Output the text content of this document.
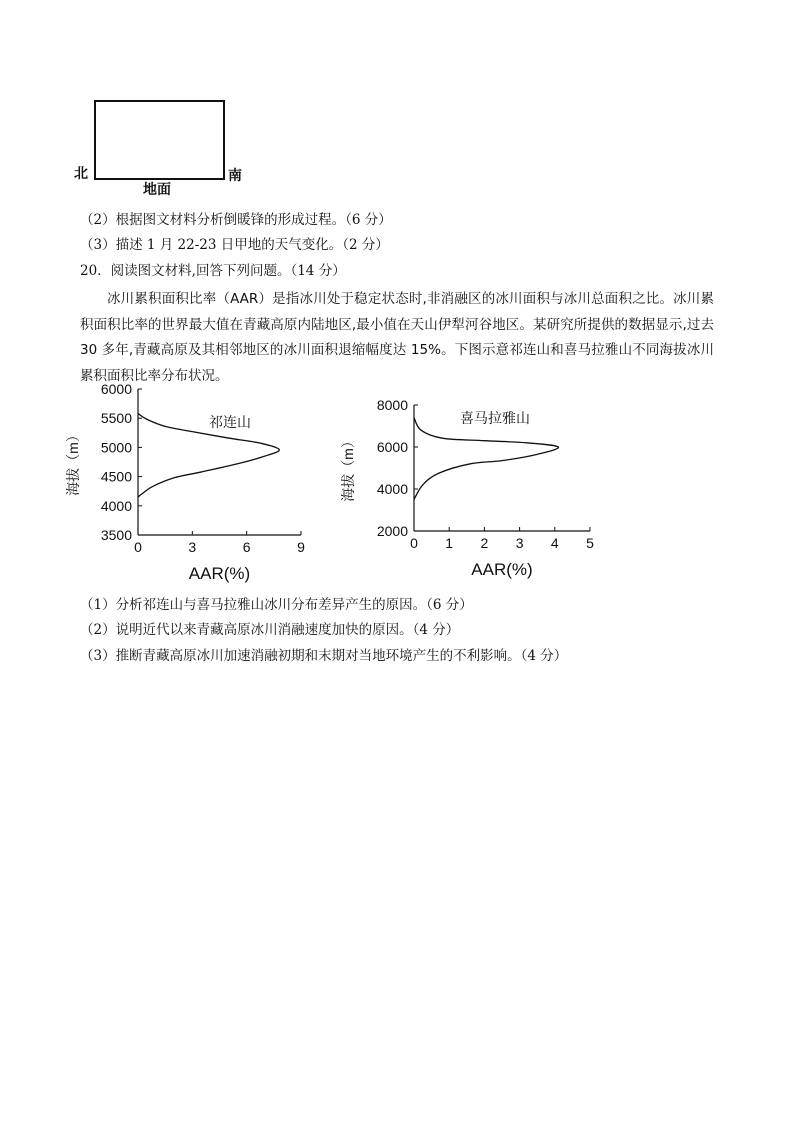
北	南
地面
（2）根据图文材料分析倒暖锋的形成过程。（6 分）
（3）描述 1 月 22-23 日甲地的天气变化。（2 分）
20．阅读图文材料,回答下列问题。（14 分）
冰川累积面积比率（AAR）是指冰川处于稳定状态时,非消融区的冰川面积与冰川总面积之比。冰川累积面积比率的世界最大值在青藏高原内陆地区,最小值在天山伊犁河谷地区。某研究所提供的数据显示,过去 30 多年,青藏高原及其相邻地区的冰川面积退缩幅度达 15%。下图示意祁连山和喜马拉雅山不同海拔冰川累积面积比率分布状况。
0	3	6	9
3500
4000
4500
5000
5500
6000
祁连山
AAR(%)
海拔（m）
0 1 2 3 4 5
2000
4000
6000
8000
喜马拉雅山
AAR(%)
海拔（m）
（1）分析祁连山与喜马拉雅山冰川分布差异产生的原因。（6 分）
（2）说明近代以来青藏高原冰川消融速度加快的原因。（4 分）
（3）推断青藏高原冰川加速消融初期和末期对当地环境产生的不利影响。（4 分）
